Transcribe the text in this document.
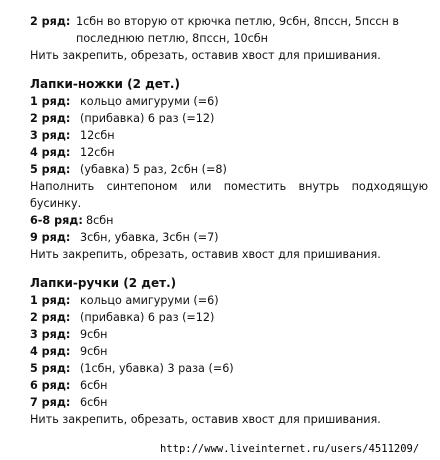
2 ряд: 1сбн во вторую от крючка петлю, 9сбн, 8пссн, 5пссн в последнюю петлю, 8пссн, 10сбн
Нить закрепить, обрезать, оставив хвост для пришивания.
Лапки-ножки (2 дет.)
1 ряд: кольцо амигуруми (=6)
2 ряд: (прибавка) 6 раз (=12)
3 ряд: 12сбн
4 ряд: 12сбн
5 ряд: (убавка) 5 раз, 2сбн (=8)
Наполнить синтепоном или поместить внутрь подходящую бусинку.
6-8 ряд: 8сбн
9 ряд: 3сбн, убавка, 3сбн (=7)
Нить закрепить, обрезать, оставив хвост для пришивания.
Лапки-ручки (2 дет.)
1 ряд: кольцо амигуруми (=6)
2 ряд: (прибавка) 6 раз (=12)
3 ряд: 9сбн
4 ряд: 9сбн
5 ряд: (1сбн, убавка) 3 раза (=6)
6 ряд: 6сбн
7 ряд: 6сбн
Нить закрепить, обрезать, оставив хвост для пришивания.
http://www.liveinternet.ru/users/4511209/
